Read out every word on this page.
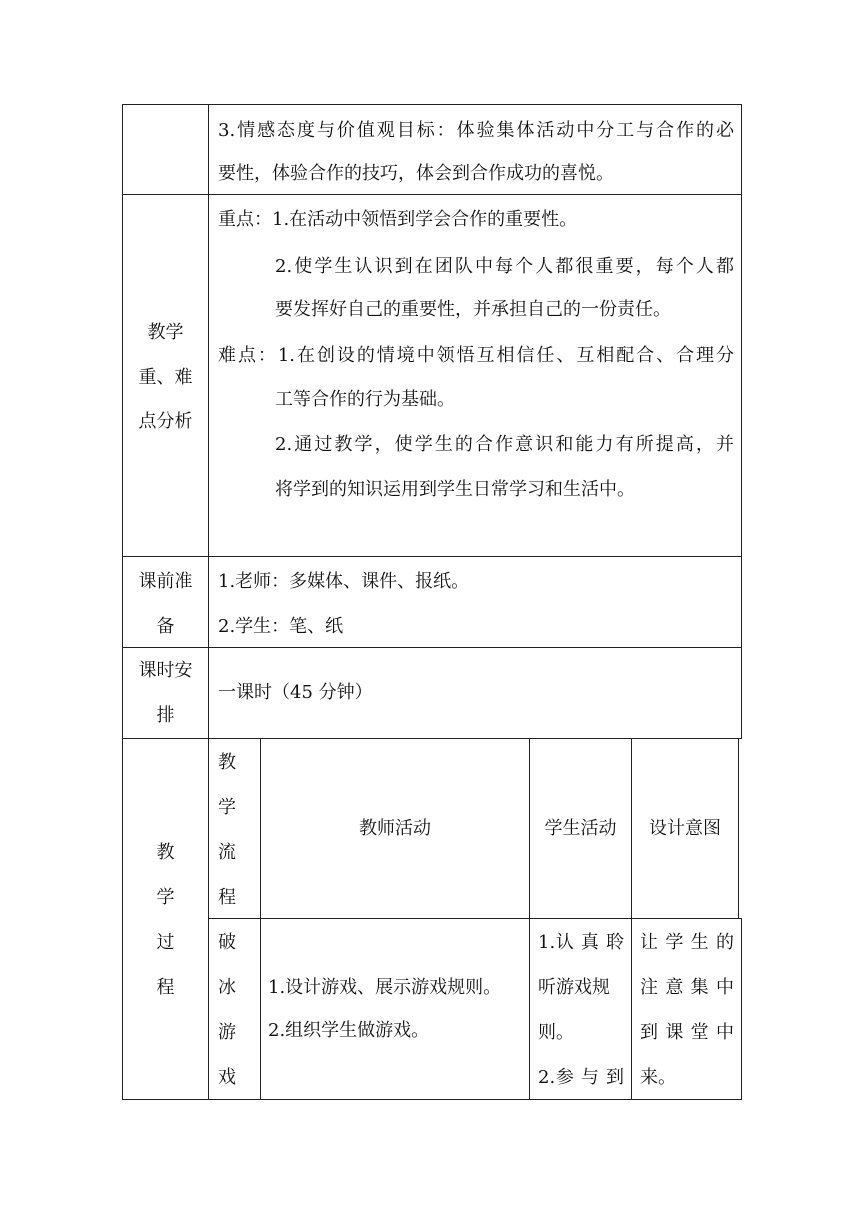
3.情感态度与价值观目标：体验集体活动中分工与合作的必
要性，体验合作的技巧，体会到合作成功的喜悦。
教学
重、难
点分析
重点：1.在活动中领悟到学会合作的重要性。
2.使学生认识到在团队中每个人都很重要，每个人都
要发挥好自己的重要性，并承担自己的一份责任。
难点：1.在创设的情境中领悟互相信任、互相配合、合理分
工等合作的行为基础。
2.通过教学，使学生的合作意识和能力有所提高，并
将学到的知识运用到学生日常学习和生活中。
课前准
备
1.老师：多媒体、课件、报纸。
2.学生：笔、纸
课时安
排
一课时（45 分钟）
教
学
过
程
教
学
流
程
教师活动	学生活动	设计意图
破
冰
游
戏
1.设计游戏、展示游戏规则。
2.组织学生做游戏。
1.认 真 聆
听游戏规
则。
2.参 与 到
让 学 生 的
注 意 集 中
到 课 堂 中
来。
